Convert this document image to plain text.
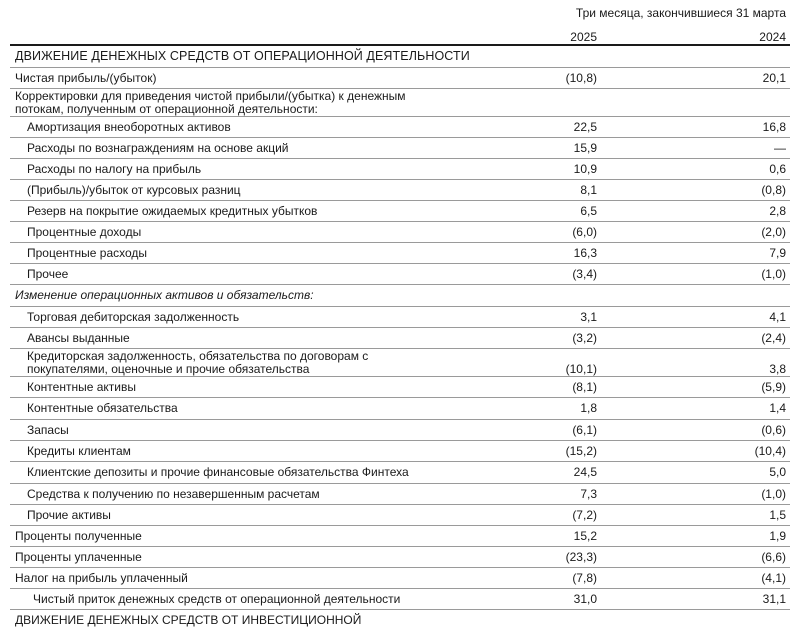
Три месяца, закончившиеся 31 марта
2025	2024
ДВИЖЕНИЕ ДЕНЕЖНЫХ СРЕДСТВ ОТ ОПЕРАЦИОННОЙ ДЕЯТЕЛЬНОСТИ
Чистая прибыль/(убыток)	(10,8)	20,1
Корректировки для приведения чистой прибыли/(убытка) к денежным потокам, полученным от операционной деятельности:
Амортизация внеоборотных активов	22,5	16,8
Расходы по вознаграждениям на основе акций	15,9	—
Расходы по налогу на прибыль	10,9	0,6
(Прибыль)/убыток от курсовых разниц	8,1	(0,8)
Резерв на покрытие ожидаемых кредитных убытков	6,5	2,8
Процентные доходы	(6,0)	(2,0)
Процентные расходы	16,3	7,9
Прочее	(3,4)	(1,0)
Изменение операционных активов и обязательств:
Торговая дебиторская задолженность	3,1	4,1
Авансы выданные	(3,2)	(2,4)
Кредиторская задолженность, обязательства по договорам с покупателями, оценочные и прочие обязательства	(10,1)	3,8
Контентные активы	(8,1)	(5,9)
Контентные обязательства	1,8	1,4
Запасы	(6,1)	(0,6)
Кредиты клиентам	(15,2)	(10,4)
Клиентские депозиты и прочие финансовые обязательства Финтеха	24,5	5,0
Средства к получению по незавершенным расчетам	7,3	(1,0)
Прочие активы	(7,2)	1,5
Проценты полученные	15,2	1,9
Проценты уплаченные	(23,3)	(6,6)
Налог на прибыль уплаченный	(7,8)	(4,1)
Чистый приток денежных средств от операционной деятельности	31,0	31,1
ДВИЖЕНИЕ ДЕНЕЖНЫХ СРЕДСТВ ОТ ИНВЕСТИЦИОННОЙ
